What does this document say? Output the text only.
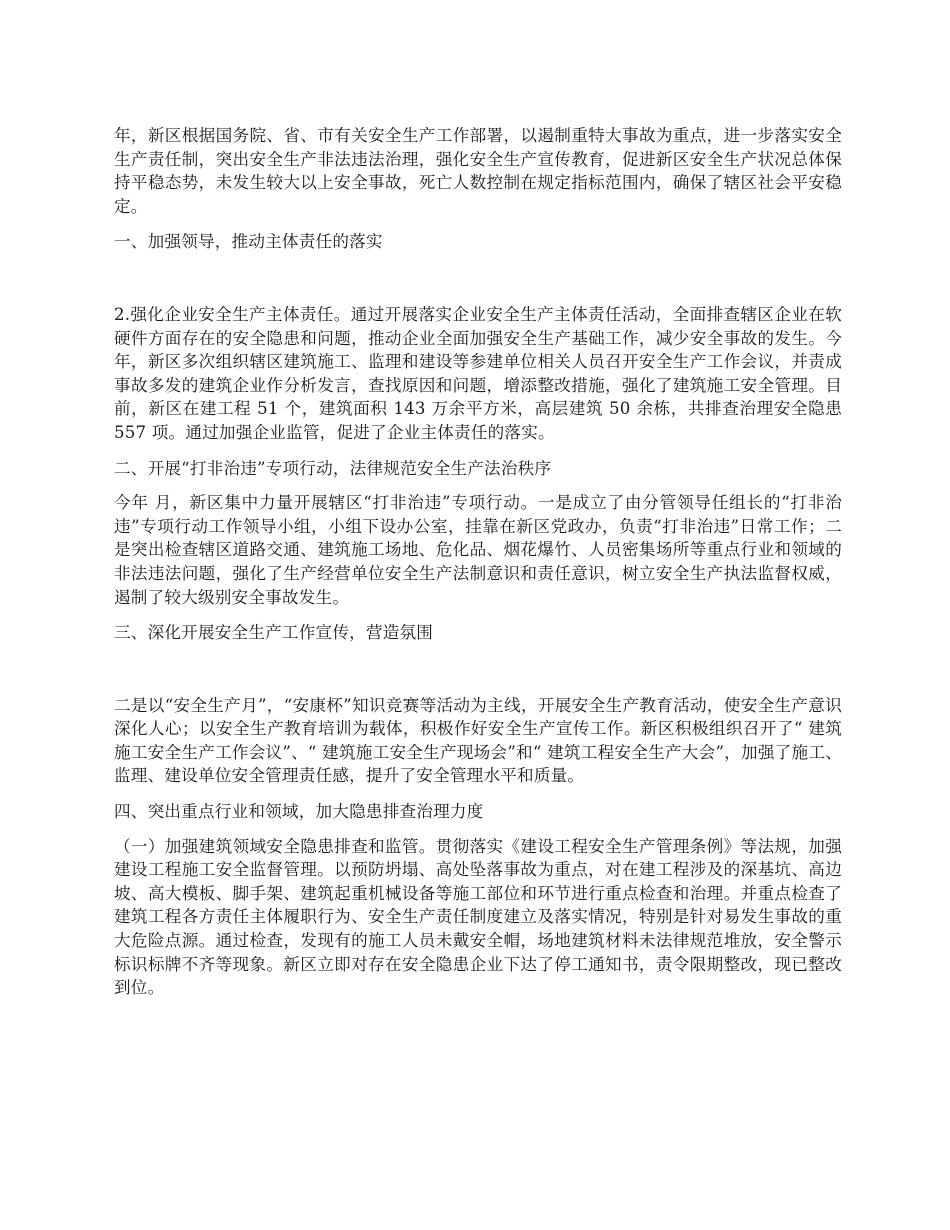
年，新区根据国务院、省、市有关安全生产工作部署，以遏制重特大事故为重点，进一步落实安全生产责任制，突出安全生产非法违法治理，强化安全生产宣传教育，促进新区安全生产状况总体保持平稳态势，未发生较大以上安全事故，死亡人数控制在规定指标范围内，确保了辖区社会平安稳定。

一、加强领导，推动主体责任的落实

2.强化企业安全生产主体责任。通过开展落实企业安全生产主体责任活动，全面排查辖区企业在软硬件方面存在的安全隐患和问题，推动企业全面加强安全生产基础工作，减少安全事故的发生。今年，新区多次组织辖区建筑施工、监理和建设等参建单位相关人员召开安全生产工作会议，并责成事故多发的建筑企业作分析发言，查找原因和问题，增添整改措施，强化了建筑施工安全管理。目前，新区在建工程 51 个，建筑面积 143 万余平方米，高层建筑 50 余栋，共排查治理安全隐患 557 项。通过加强企业监管，促进了企业主体责任的落实。

二、开展“打非治违”专项行动，法律规范安全生产法治秩序

今年 月，新区集中力量开展辖区“打非治违”专项行动。一是成立了由分管领导任组长的“打非治违”专项行动工作领导小组，小组下设办公室，挂靠在新区党政办，负责“打非治违”日常工作；二是突出检查辖区道路交通、建筑施工场地、危化品、烟花爆竹、人员密集场所等重点行业和领域的非法违法问题，强化了生产经营单位安全生产法制意识和责任意识，树立安全生产执法监督权威，遏制了较大级别安全事故发生。

三、深化开展安全生产工作宣传，营造氛围

二是以“安全生产月”，“安康杯”知识竞赛等活动为主线，开展安全生产教育活动，使安全生产意识深化人心；以安全生产教育培训为载体，积极作好安全生产宣传工作。新区积极组织召开了“ 建筑施工安全生产工作会议”、“ 建筑施工安全生产现场会”和“ 建筑工程安全生产大会”，加强了施工、监理、建设单位安全管理责任感，提升了安全管理水平和质量。

四、突出重点行业和领域，加大隐患排查治理力度

（一）加强建筑领域安全隐患排查和监管。贯彻落实《建设工程安全生产管理条例》等法规，加强建设工程施工安全监督管理。以预防坍塌、高处坠落事故为重点，对在建工程涉及的深基坑、高边坡、高大模板、脚手架、建筑起重机械设备等施工部位和环节进行重点检查和治理。并重点检查了建筑工程各方责任主体履职行为、安全生产责任制度建立及落实情况，特别是针对易发生事故的重大危险点源。通过检查，发现有的施工人员未戴安全帽，场地建筑材料未法律规范堆放，安全警示标识标牌不齐等现象。新区立即对存在安全隐患企业下达了停工通知书，责令限期整改，现已整改到位。
